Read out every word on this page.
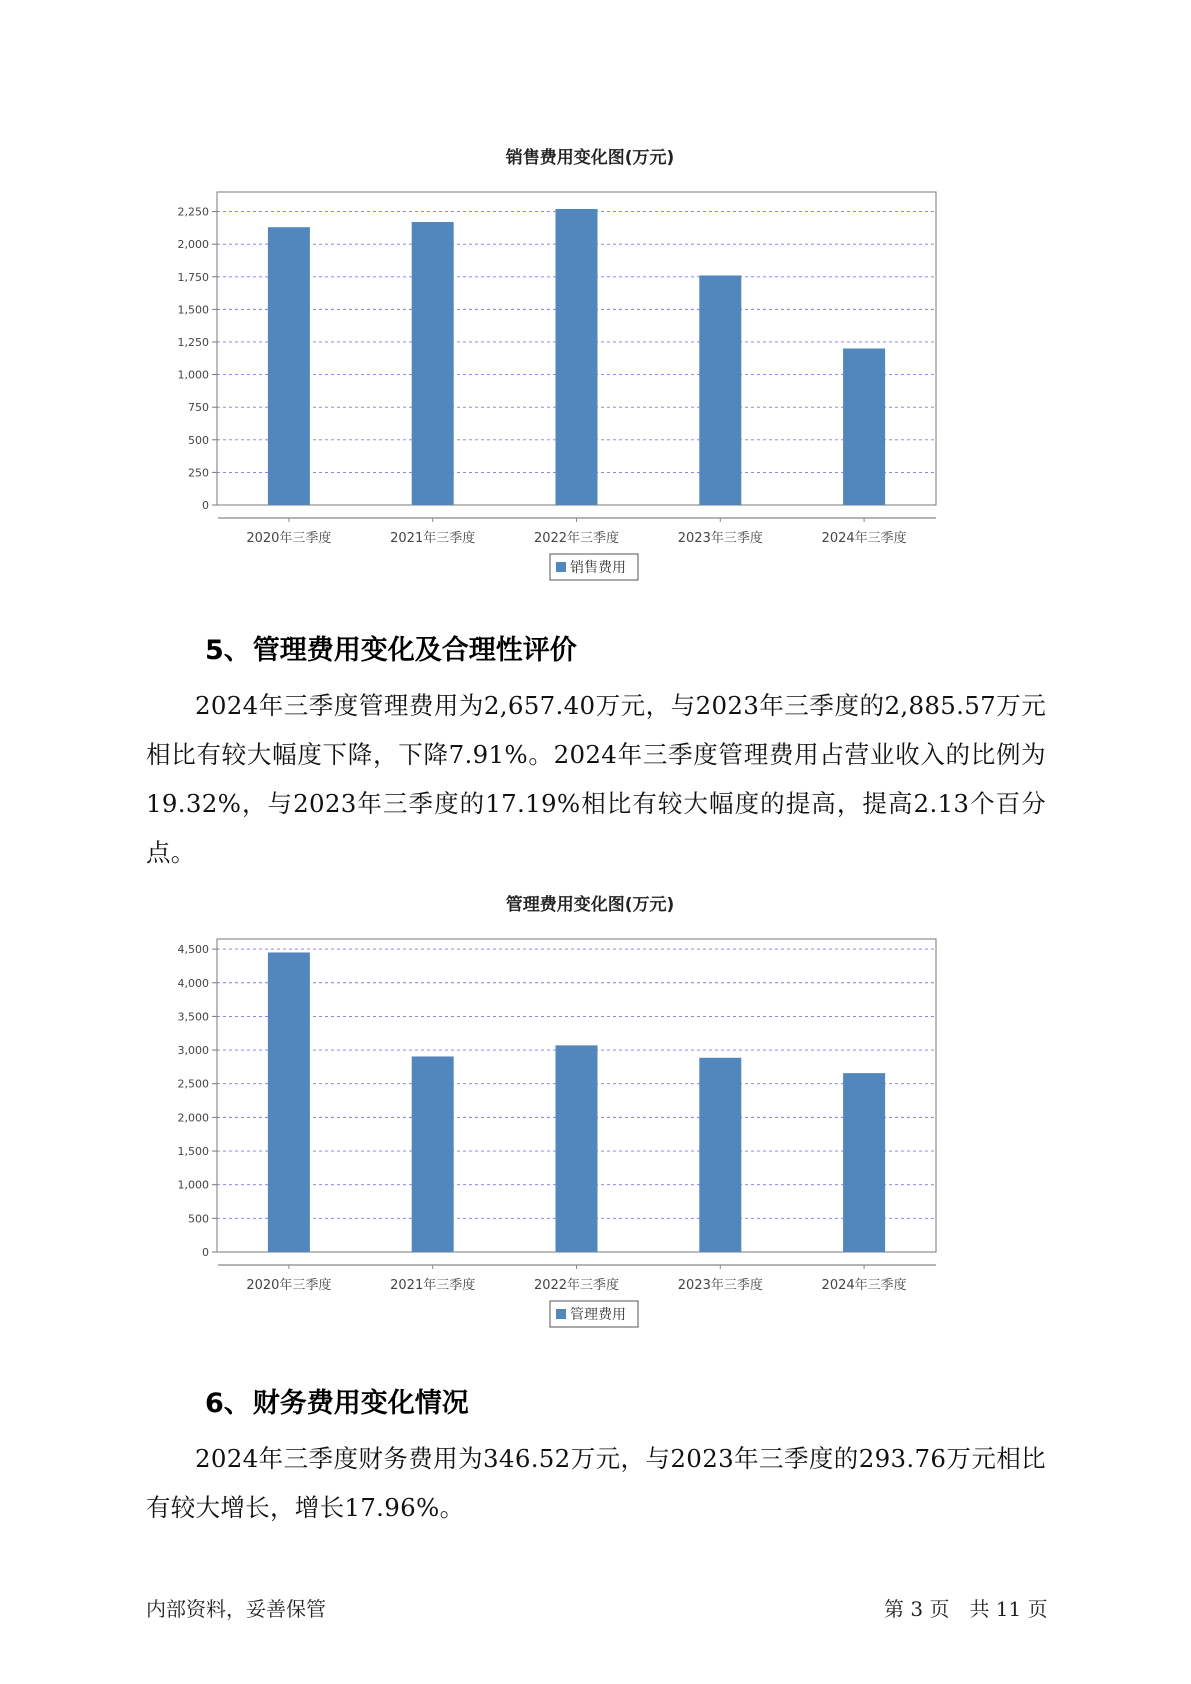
销售费用变化图(万元)
0
250
500
750
1,000
1,250
1,500
1,750
2,000
2,250
2020年三季度	2021年三季度	2022年三季度	2023年三季度	2024年三季度
销售费用
5、管理费用变化及合理性评价

2024年三季度管理费用为2,657.40万元，与2023年三季度的2,885.57万元相比有较大幅度下降，下降7.91%。2024年三季度管理费用占营业收入的比例为19.32%，与2023年三季度的17.19%相比有较大幅度的提高，提高2.13个百分点。

管理费用变化图(万元)
0
500
1,000
1,500
2,000
2,500
3,000
3,500
4,000
4,500
2020年三季度	2021年三季度	2022年三季度	2023年三季度	2024年三季度
管理费用
6、财务费用变化情况

2024年三季度财务费用为346.52万元，与2023年三季度的293.76万元相比有较大增长，增长17.96%。

内部资料，妥善保管	第 3 页　共 11 页
